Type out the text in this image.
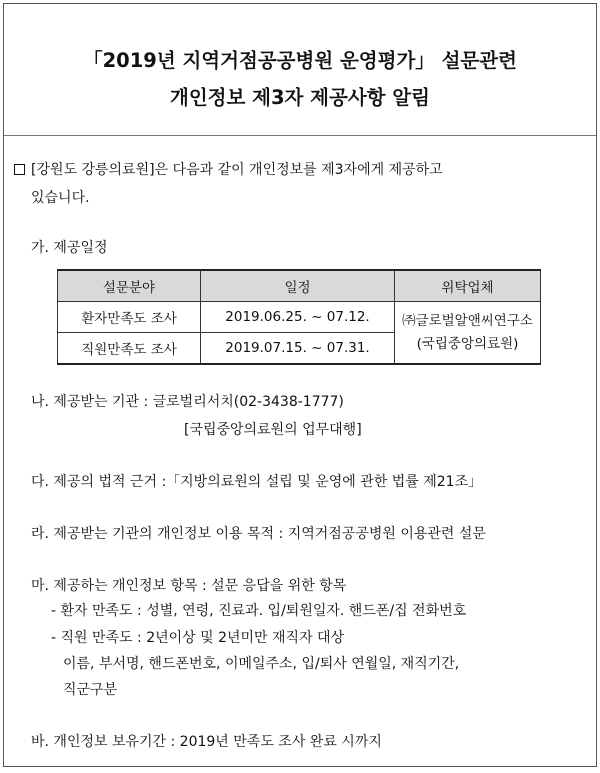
「2019년 지역거점공공병원 운영평가」 설문관련
개인정보 제3자 제공사항 알림
[강원도 강릉의료원]은 다음과 같이 개인정보를 제3자에게 제공하고
있습니다.
가. 제공일정
설문분야	일정	위탁업체
환자만족도 조사	2019.06.25. ~ 07.12.	㈜글로벌알앤씨연구소
(국립중앙의료원)

직원만족도 조사	2019.07.15. ~ 07.31.	
나. 제공받는 기관 : 글로벌리서치(02-3438-1777)
[국립중앙의료원의 업무대행]
다. 제공의 법적 근거 :「지방의료원의 설립 및 운영에 관한 법률 제21조」
라. 제공받는 기관의 개인정보 이용 목적 : 지역거점공공병원 이용관련 설문
마. 제공하는 개인정보 항목 : 설문 응답을 위한 항목
- 환자 만족도 : 성별, 연령, 진료과. 입/퇴원일자. 핸드폰/집 전화번호
- 직원 만족도 : 2년이상 및 2년미만 재직자 대상
이름, 부서명, 핸드폰번호, 이메일주소, 입/퇴사 연월일, 재직기간,
직군구분
바. 개인정보 보유기간 : 2019년 만족도 조사 완료 시까지
